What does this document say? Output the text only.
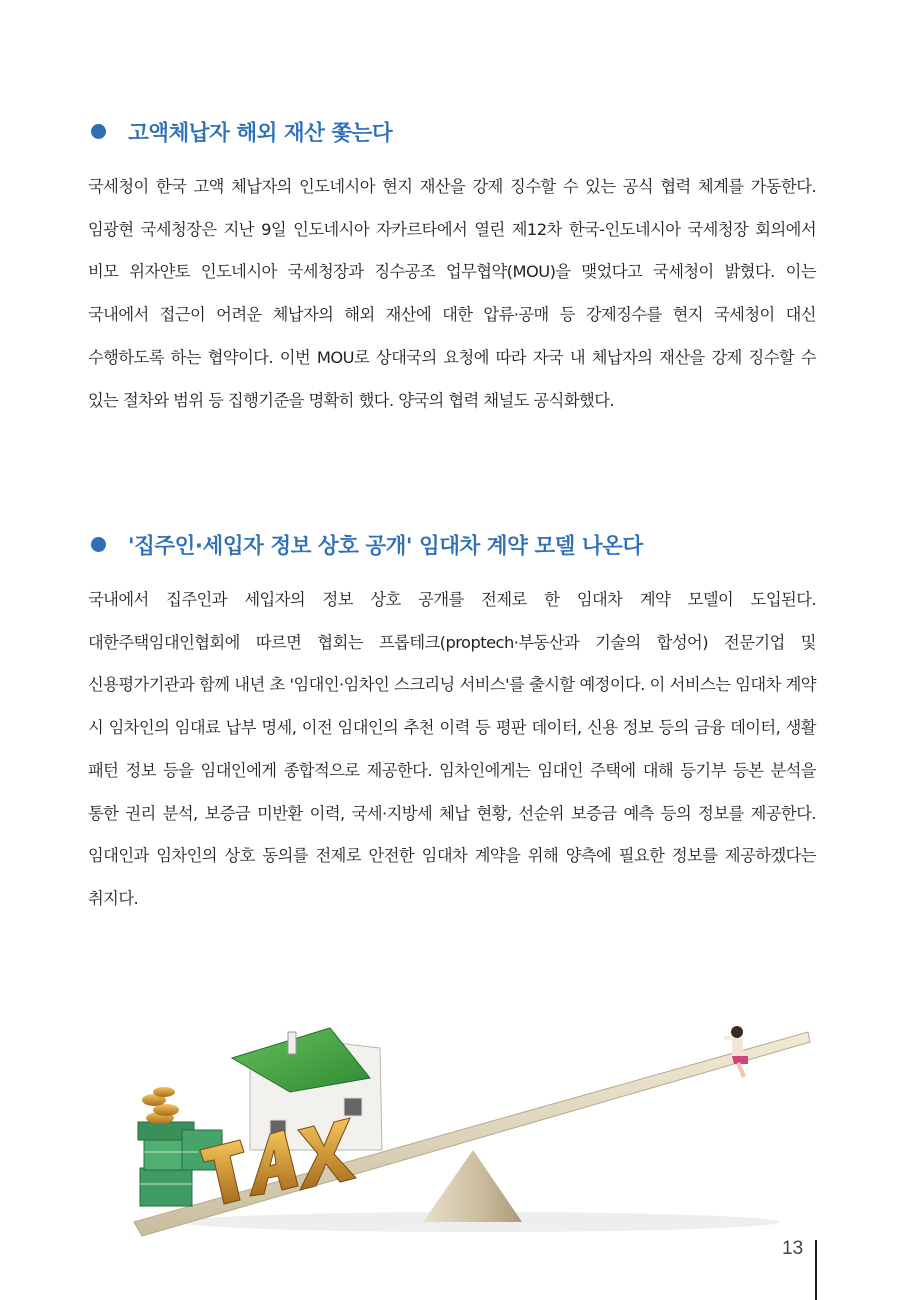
고액체납자 해외 재산 쫓는다
국세청이 한국 고액 체납자의 인도네시아 현지 재산을 강제 징수할 수 있는 공식 협력 체계를 가동한다. 임광현 국세청장은 지난 9일 인도네시아 자카르타에서 열린 제12차 한국-인도네시아 국세청장 회의에서 비모 위자얀토 인도네시아 국세청장과 징수공조 업무협약(MOU)을 맺었다고 국세청이 밝혔다. 이는 국내에서 접근이 어려운 체납자의 해외 재산에 대한 압류·공매 등 강제징수를 현지 국세청이 대신 수행하도록 하는 협약이다. 이번 MOU로 상대국의 요청에 따라 자국 내 체납자의 재산을 강제 징수할 수 있는 절차와 범위 등 집행기준을 명확히 했다. 양국의 협력 채널도 공식화했다.
'집주인·세입자 정보 상호 공개' 임대차 계약 모델 나온다
국내에서 집주인과 세입자의 정보 상호 공개를 전제로 한 임대차 계약 모델이 도입된다. 대한주택임대인협회에 따르면 협회는 프롭테크(proptech·부동산과 기술의 합성어) 전문기업 및 신용평가기관과 함께 내년 초 '임대인·임차인 스크리닝 서비스'를 출시할 예정이다. 이 서비스는 임대차 계약 시 임차인의 임대료 납부 명세, 이전 임대인의 추천 이력 등 평판 데이터, 신용 정보 등의 금융 데이터, 생활 패턴 정보 등을 임대인에게 종합적으로 제공한다. 임차인에게는 임대인 주택에 대해 등기부 등본 분석을 통한 권리 분석, 보증금 미반환 이력, 국세·지방세 체납 현황, 선순위 보증금 예측 등의 정보를 제공한다. 임대인과 임차인의 상호 동의를 전제로 안전한 임대차 계약을 위해 양측에 필요한 정보를 제공하겠다는 취지다.
13
